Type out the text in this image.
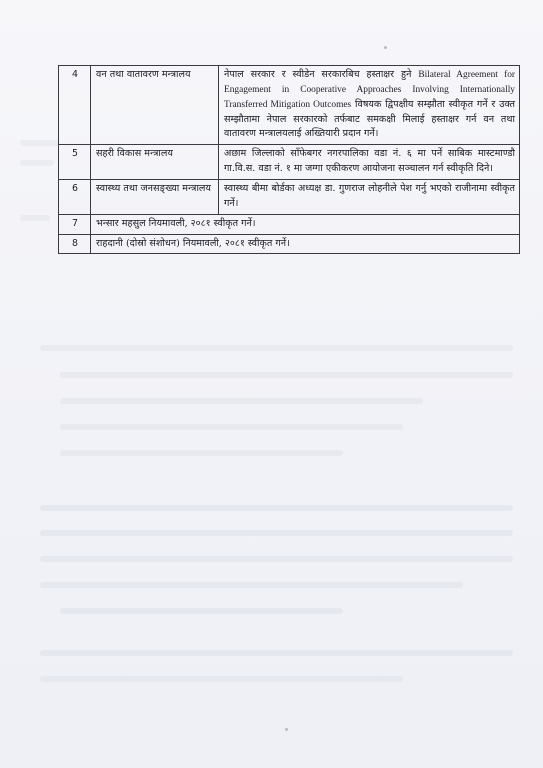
4	वन तथा वातावरण मन्त्रालय	नेपाल सरकार र स्वीडेन सरकारबिच हस्ताक्षर हुने Bilateral Agreement for Engagement in Cooperative Approaches Involving Internationally Transferred Mitigation Outcomes विषयक द्विपक्षीय सम्झौता स्वीकृत गर्ने र उक्त सम्झौतामा नेपाल सरकारको तर्फबाट समकक्षी मिलाई हस्ताक्षर गर्न वन तथा वातावरण मन्त्रालयलाई अख्तियारी प्रदान गर्ने।
5	सहरी विकास मन्त्रालय	अछाम जिल्लाको साँफेबगर नगरपालिका वडा नं. ६ मा पर्ने साबिक मास्टमाण्डौ गा.वि.स. वडा नं. १ मा जग्गा एकीकरण आयोजना सञ्चालन गर्न स्वीकृति दिने।
6	स्वास्थ्य तथा जनसङ्ख्या मन्त्रालय	स्वास्थ्य बीमा बोर्डका अध्यक्ष डा. गुणराज लोहनीले पेश गर्नु भएको राजीनामा स्वीकृत गर्ने।
7	भन्सार महसुल नियमावली, २०८१ स्वीकृत गर्ने।	
8	राहदानी (दोस्रो संशोधन) नियमावली, २०८१ स्वीकृत गर्ने।	
